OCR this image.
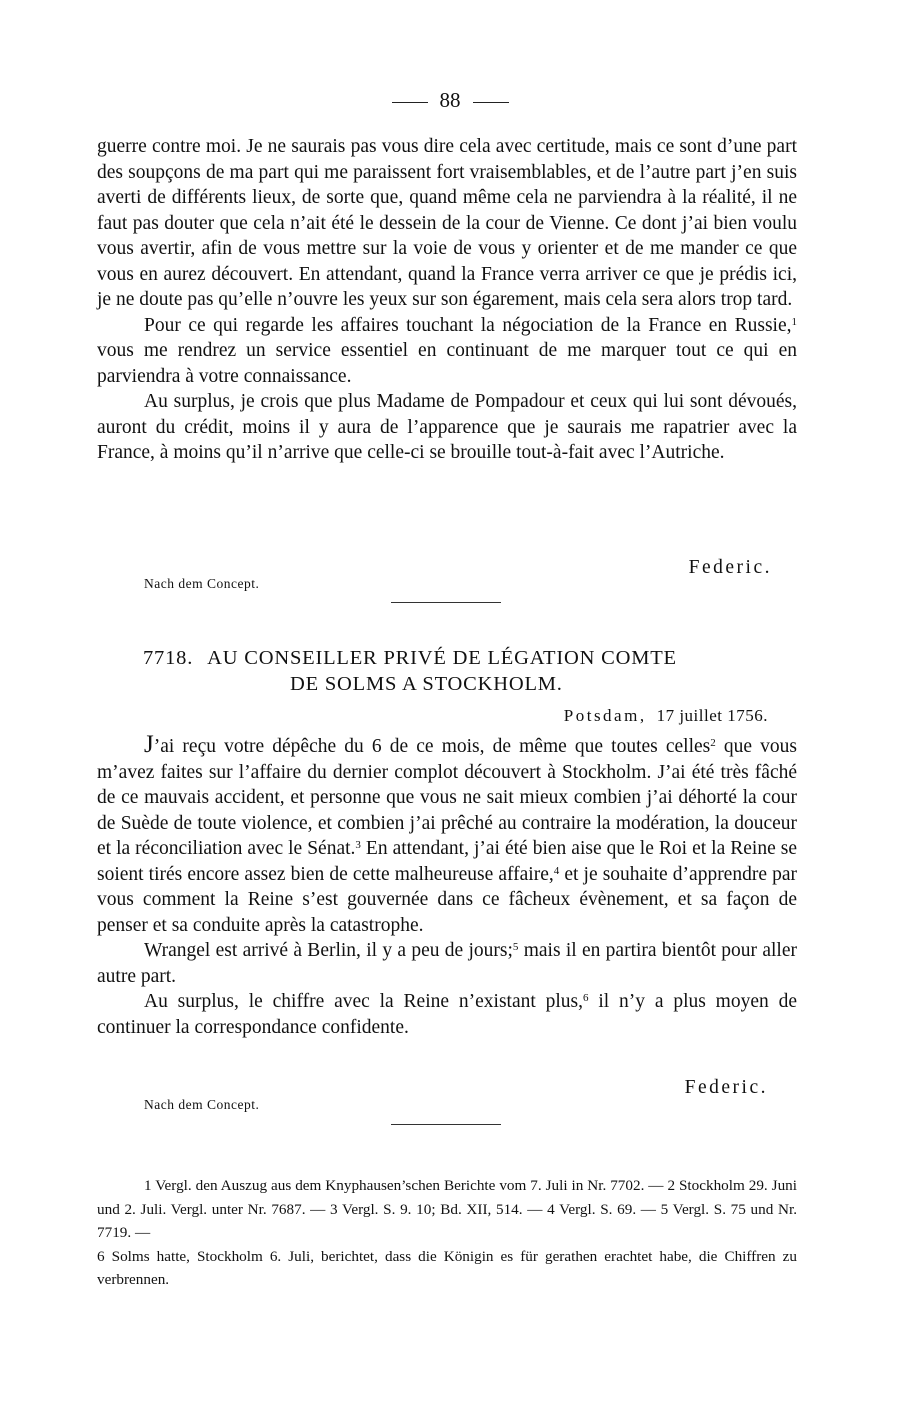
88

guerre contre moi. Je ne saurais pas vous dire cela avec certitude, mais ce sont d’une part des soupçons de ma part qui me paraissent fort vraisemblables, et de l’autre part j’en suis averti de différents lieux, de sorte que, quand même cela ne parviendra à la réalité, il ne faut pas douter que cela n’ait été le dessein de la cour de Vienne. Ce dont j’ai bien voulu vous avertir, afin de vous mettre sur la voie de vous y orienter et de me mander ce que vous en aurez découvert. En attendant, quand la France verra arriver ce que je prédis ici, je ne doute pas qu’elle n’ouvre les yeux sur son égarement, mais cela sera alors trop tard.

Pour ce qui regarde les affaires touchant la négociation de la France en Russie,$^1$ vous me rendrez un service essentiel en continuant de me marquer tout ce qui en parviendra à votre connaissance.

Au surplus, je crois que plus Madame de Pompadour et ceux qui lui sont dévoués, auront du crédit, moins il y aura de l’apparence que je saurais me rapatrier avec la France, à moins qu’il n’arrive que celle-ci se brouille tout-à-fait avec l’Autriche.

Federic.
Nach dem Concept.
7718. AU CONSEILLER PRIVÉ DE LÉGATION COMTE
DE SOLMS A STOCKHOLM.
Potsdam, 17 juillet 1756.

J’ai reçu votre dépêche du 6 de ce mois, de même que toutes celles$^2$ que vous m’avez faites sur l’affaire du dernier complot découvert à Stockholm. J’ai été très fâché de ce mauvais accident, et personne que vous ne sait mieux combien j’ai déhorté la cour de Suède de toute violence, et combien j’ai prêché au contraire la modération, la douceur et la réconciliation avec le Sénat.$^3$ En attendant, j’ai été bien aise que le Roi et la Reine se soient tirés encore assez bien de cette malheureuse affaire,$^4$ et je souhaite d’apprendre par vous comment la Reine s’est gouvernée dans ce fâcheux évènement, et sa façon de penser et sa conduite après la catastrophe.

Wrangel est arrivé à Berlin, il y a peu de jours;$^5$ mais il en partira bientôt pour aller autre part.

Au surplus, le chiffre avec la Reine n’existant plus,$^6$ il n’y a plus moyen de continuer la correspondance confidente.

Federic.
Nach dem Concept.

1 Vergl. den Auszug aus dem Knyphausen’schen Berichte vom 7. Juli in Nr. 7702. — 2 Stockholm 29. Juni und 2. Juli. Vergl. unter Nr. 7687. — 3 Vergl. S. 9. 10; Bd. XII, 514. — 4 Vergl. S. 69. — 5 Vergl. S. 75 und Nr. 7719. —

6 Solms hatte, Stockholm 6. Juli, berichtet, dass die Königin es für gerathen erachtet habe, die Chiffren zu verbrennen.
